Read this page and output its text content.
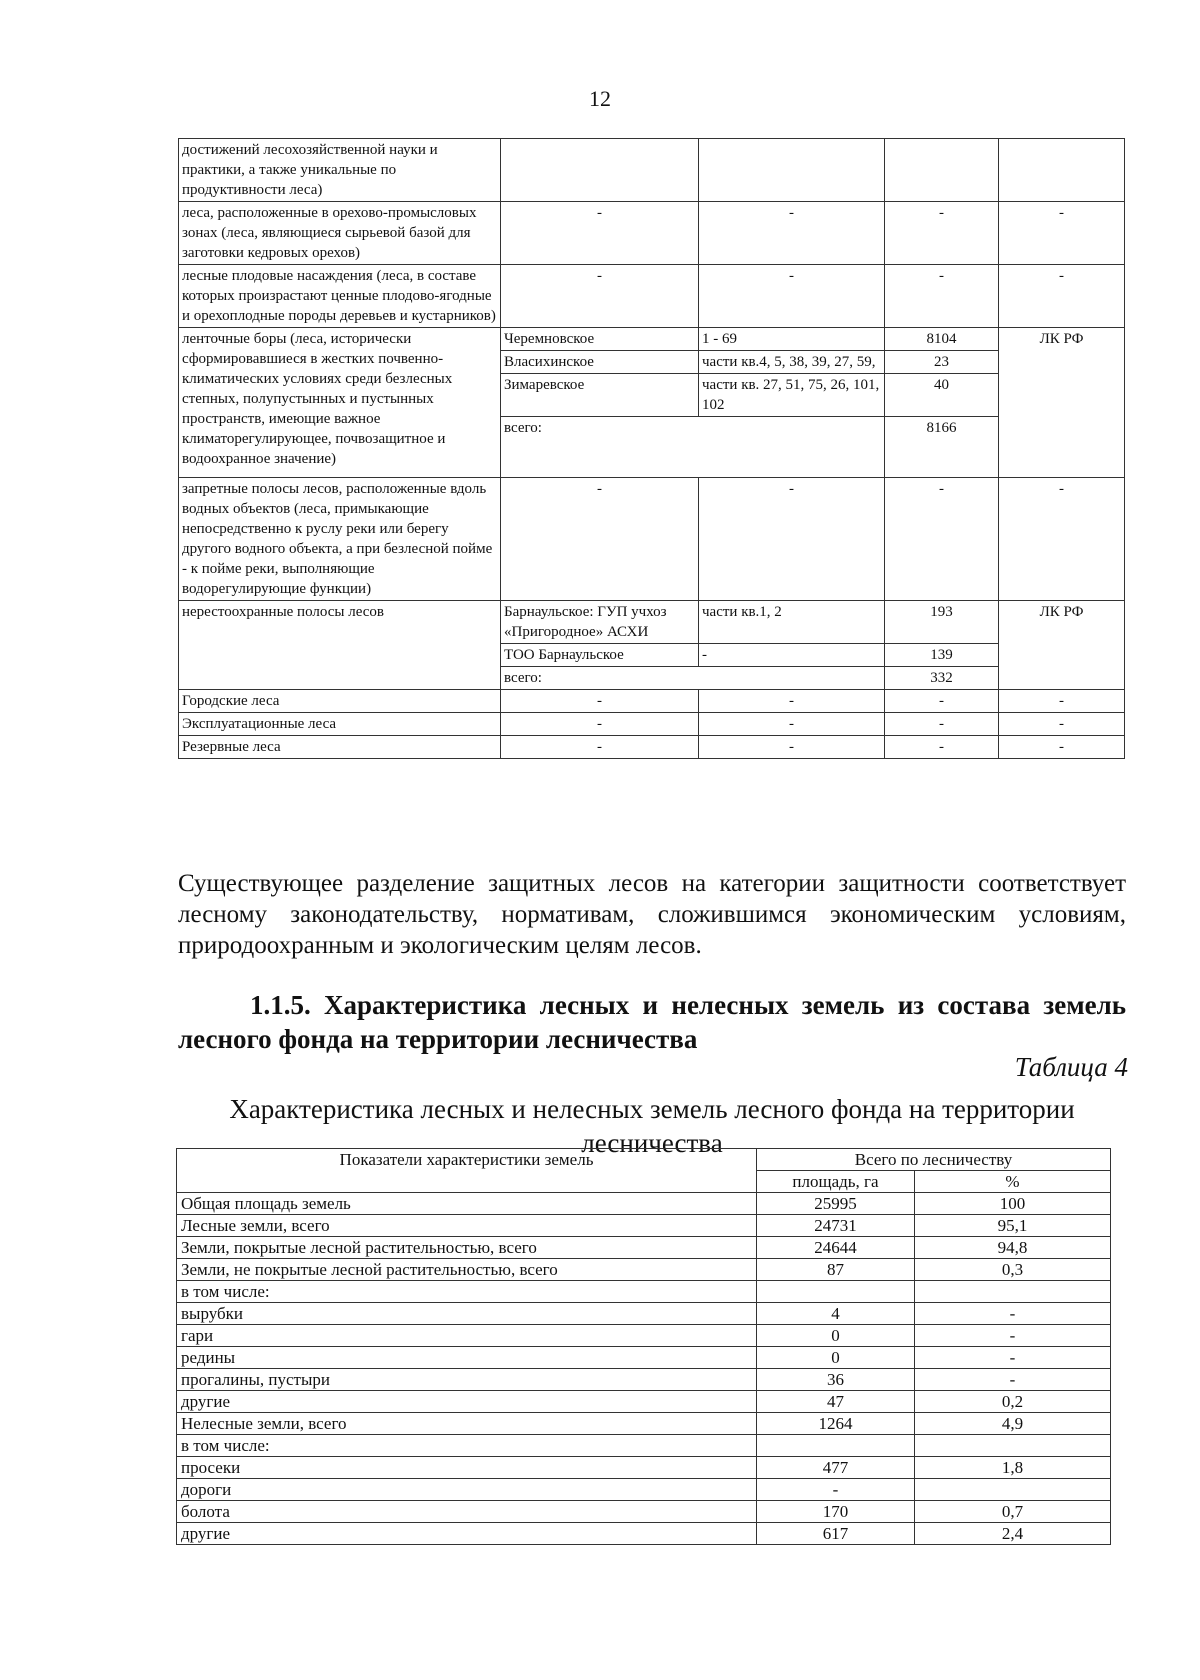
12
достижений лесохозяйственной науки и практики, а также уникальные по продуктивности леса)				
леса, расположенные в орехово-промысловых зонах (леса, являющиеся сырьевой базой для заготовки кедровых орехов)	-	-	-	-
лесные плодовые насаждения (леса, в составе которых произрастают ценные плодово-ягодные и орехоплодные породы деревьев и кустарников)	-	-	-	-
ленточные боры (леса, исторически сформировавшиеся в жестких почвенно-климатических условиях среди безлесных степных, полупустынных и пустынных пространств, имеющие важное климаторегулирующее, почвозащитное и водоохранное значение)	Черемновское	1 - 69	8104	ЛК РФ
	Власихинское	части кв.4, 5, 38, 39, 27, 59,	23	
	Зимаревское	части кв. 27, 51, 75, 26, 101, 102	40	
	всего:		8166	
запретные полосы лесов, расположенные вдоль водных объектов (леса, примыкающие непосредственно к руслу реки или берегу другого водного объекта, а при безлесной пойме - к пойме реки, выполняющие водорегулирующие функции)	-	-	-	-
нерестоохранные полосы лесов	Барнаульское: ГУП учхоз «Пригородное» АСХИ	части кв.1, 2	193	ЛК РФ
	ТОО Барнаульское	-	139	
	всего:		332	
Городские леса	-	-	-	-
Эксплуатационные леса	-	-	-	-
Резервные леса	-	-	-	-
Существующее разделение защитных лесов на категории защитности соответствует лесному законодательству, нормативам, сложившимся экономическим условиям, природоохранным и экологическим целям лесов.
1.1.5. Характеристика лесных и нелесных земель из состава земель лесного фонда на территории лесничества
Таблица 4
Характеристика лесных и нелесных земель лесного фонда на территории лесничества
Показатели характеристики земель	Всего по лесничеству	
	площадь, га	%
Общая площадь земель	25995	100
Лесные земли, всего	24731	95,1
Земли, покрытые лесной растительностью, всего	24644	94,8
Земли, не покрытые лесной растительностью, всего	87	0,3
в том числе:		
вырубки	4	-
гари	0	-
редины	0	-
прогалины, пустыри	36	-
другие	47	0,2
Нелесные земли, всего	1264	4,9
в том числе:		
просеки	477	1,8
дороги	-	
болота	170	0,7
другие	617	2,4
